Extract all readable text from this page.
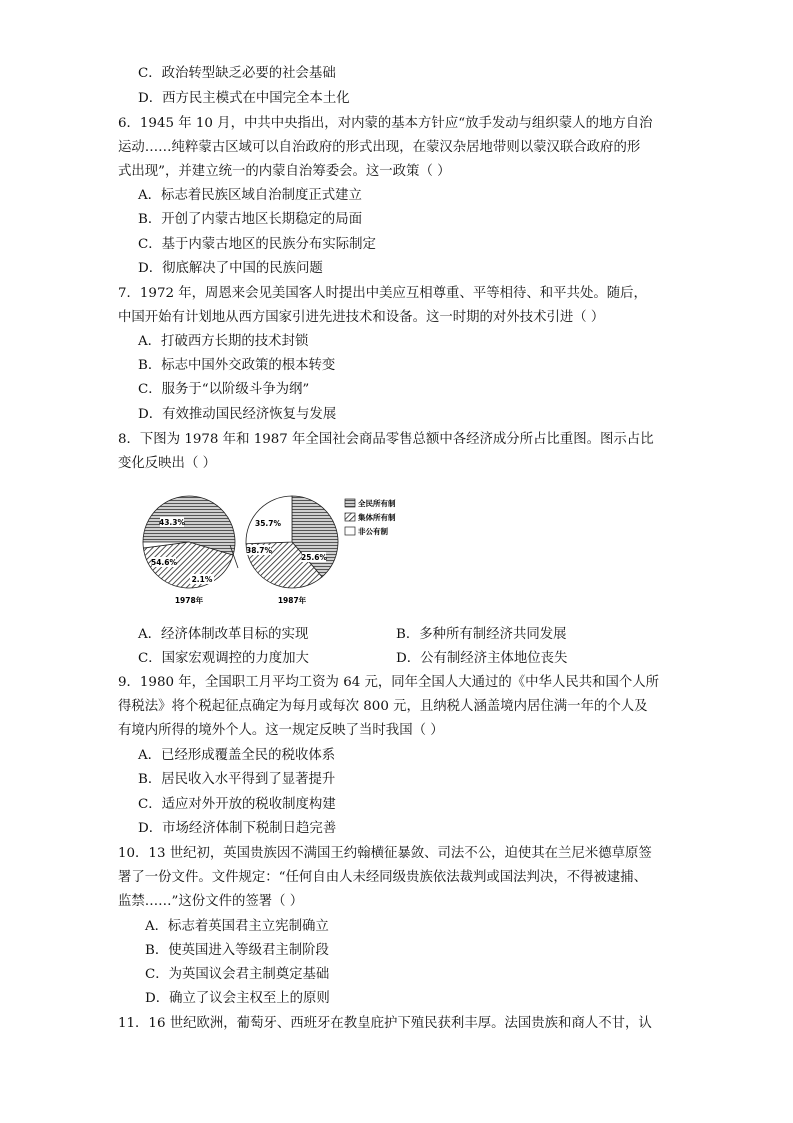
C．政治转型缺乏必要的社会基础
D．西方民主模式在中国完全本土化
6．1945 年 10 月，中共中央指出，对内蒙的基本方针应“放手发动与组织蒙人的地方自治
运动……纯粹蒙古区域可以自治政府的形式出现，在蒙汉杂居地带则以蒙汉联合政府的形
式出现”，并建立统一的内蒙自治筹委会。这一政策（ ）
A．标志着民族区域自治制度正式建立
B．开创了内蒙古地区长期稳定的局面
C．基于内蒙古地区的民族分布实际制定
D．彻底解决了中国的民族问题
7．1972 年，周恩来会见美国客人时提出中美应互相尊重、平等相待、和平共处。随后，
中国开始有计划地从西方国家引进先进技术和设备。这一时期的对外技术引进（ ）
A．打破西方长期的技术封锁
B．标志中国外交政策的根本转变
C．服务于“以阶级斗争为纲”
D．有效推动国民经济恢复与发展
8．下图为 1978 年和 1987 年全国社会商品零售总额中各经济成分所占比重图。图示占比
变化反映出（ ）
54.6%
43.3%
2.1%
1978年
38.7%
35.7%
25.6%
1987年
全民所有制
集体所有制
非公有制
A．经济体制改革目标的实现	B．多种所有制经济共同发展
C．国家宏观调控的力度加大	D．公有制经济主体地位丧失
9．1980 年，全国职工月平均工资为 64 元，同年全国人大通过的《中华人民共和国个人所
得税法》将个税起征点确定为每月或每次 800 元，且纳税人涵盖境内居住满一年的个人及
有境内所得的境外个人。这一规定反映了当时我国（ ）
A．已经形成覆盖全民的税收体系
B．居民收入水平得到了显著提升
C．适应对外开放的税收制度构建
D．市场经济体制下税制日趋完善
10．13 世纪初，英国贵族因不满国王约翰横征暴敛、司法不公，迫使其在兰尼米德草原签
署了一份文件。文件规定：“任何自由人未经同级贵族依法裁判或国法判决，不得被逮捕、
监禁……”这份文件的签署（ ）
A．标志着英国君主立宪制确立
B．使英国进入等级君主制阶段
C．为英国议会君主制奠定基础
D．确立了议会主权至上的原则
11．16 世纪欧洲，葡萄牙、西班牙在教皇庇护下殖民获利丰厚。法国贵族和商人不甘，认
